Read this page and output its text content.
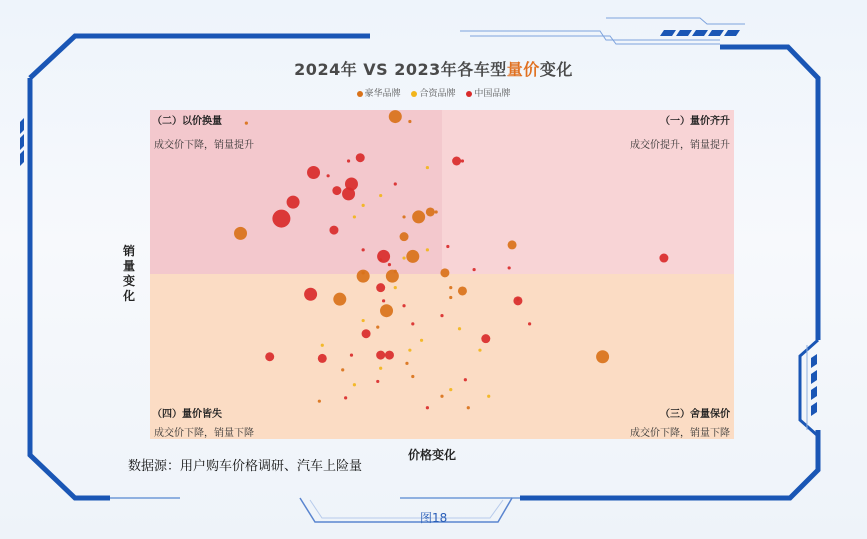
2024年 VS 2023年各车型量价变化
豪华品牌 合资品牌 中国品牌
（二）以价换量
成交价下降，销量提升
（一）量价齐升
成交价提升，销量提升
（四）量价皆失
成交价下降，销量下降
（三）舍量保价
成交价下降，销量下降
销量变化
价格变化
数据源：用户购车价格调研、汽车上险量
图18
